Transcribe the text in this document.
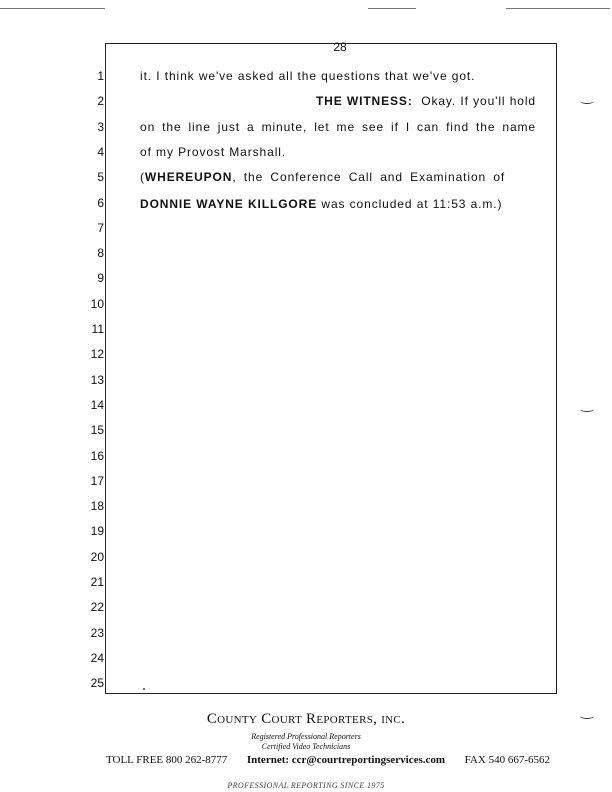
28
1
2
3
4
5
6
7
8
9
10
11
12
13
14
15
16
17
18
19
20
21
22
23
24
25
it. I think we've asked all the questions that we've got.
THE WITNESS: Okay. If you'll hold
on the line just a minute, let me see if I can find the name
of my Provost Marshall.
(WHEREUPON, the Conference Call and Examination of
DONNIE WAYNE KILLGORE was concluded at 11:53 a.m.)
County Court Reporters, inc.
Registered Professional Reporters
Certified Video Technicians
TOLL FREE 800 262-8777 Internet: ccr@courtreportingservices.com FAX 540 667-6562
PROFESSIONAL REPORTING SINCE 1975
